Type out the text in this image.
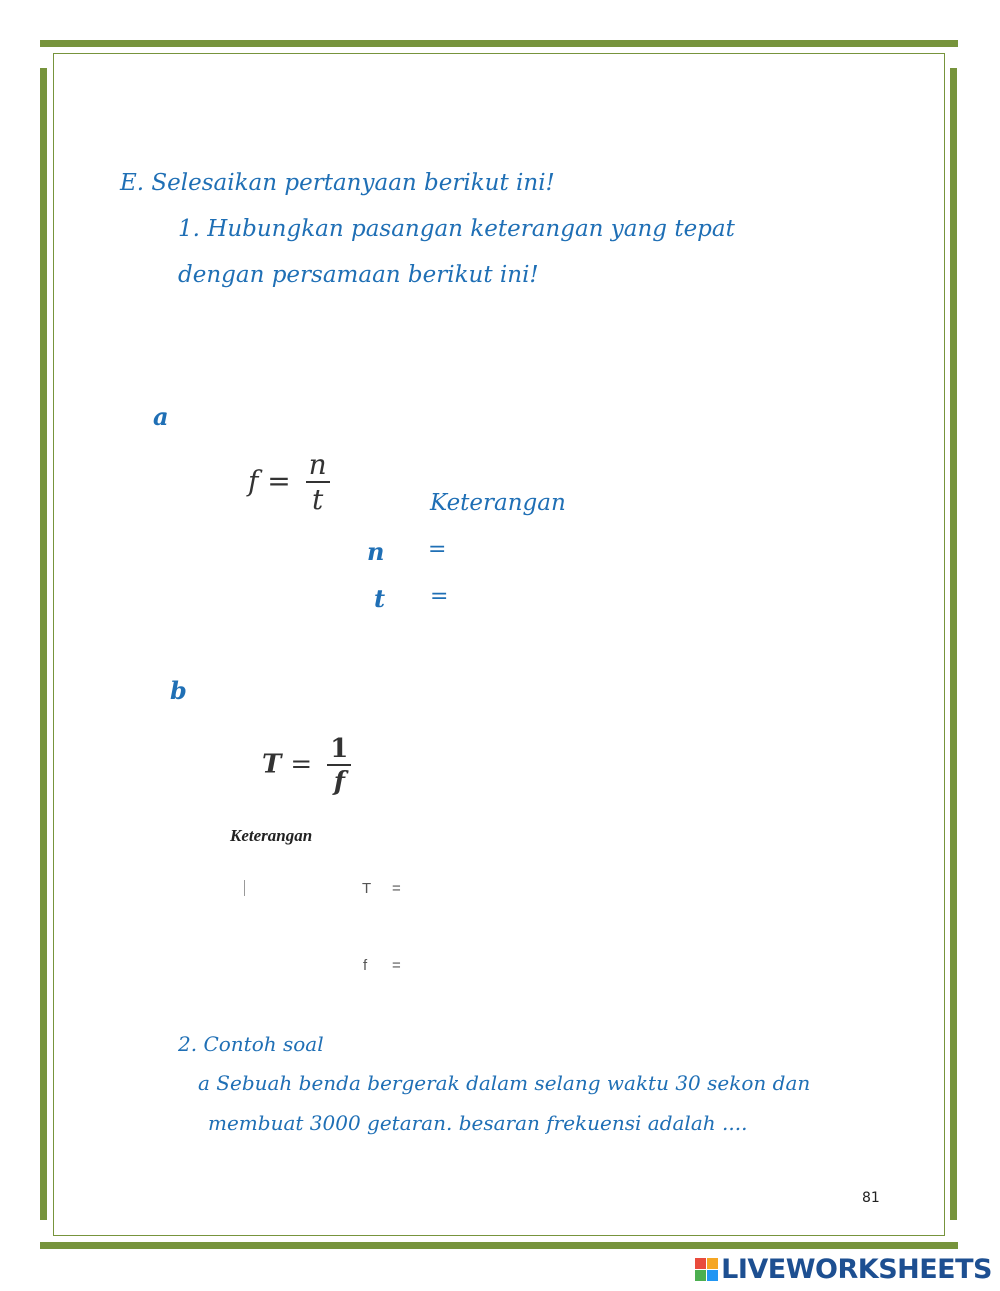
E. Selesaikan pertanyaan berikut ini!
1. Hubungkan pasangan keterangan yang tepat
dengan persamaan berikut ini!
a
$f = \frac{n}{t}$	Keterangan
n =
t =
b
$T = \frac{1}{f}$
Keterangan
T =
f =
2. Contoh soal
a Sebuah benda bergerak dalam selang waktu 30 sekon dan
membuat 3000 getaran. besaran frekuensi adalah ....
81
LIVEWORKSHEETS
